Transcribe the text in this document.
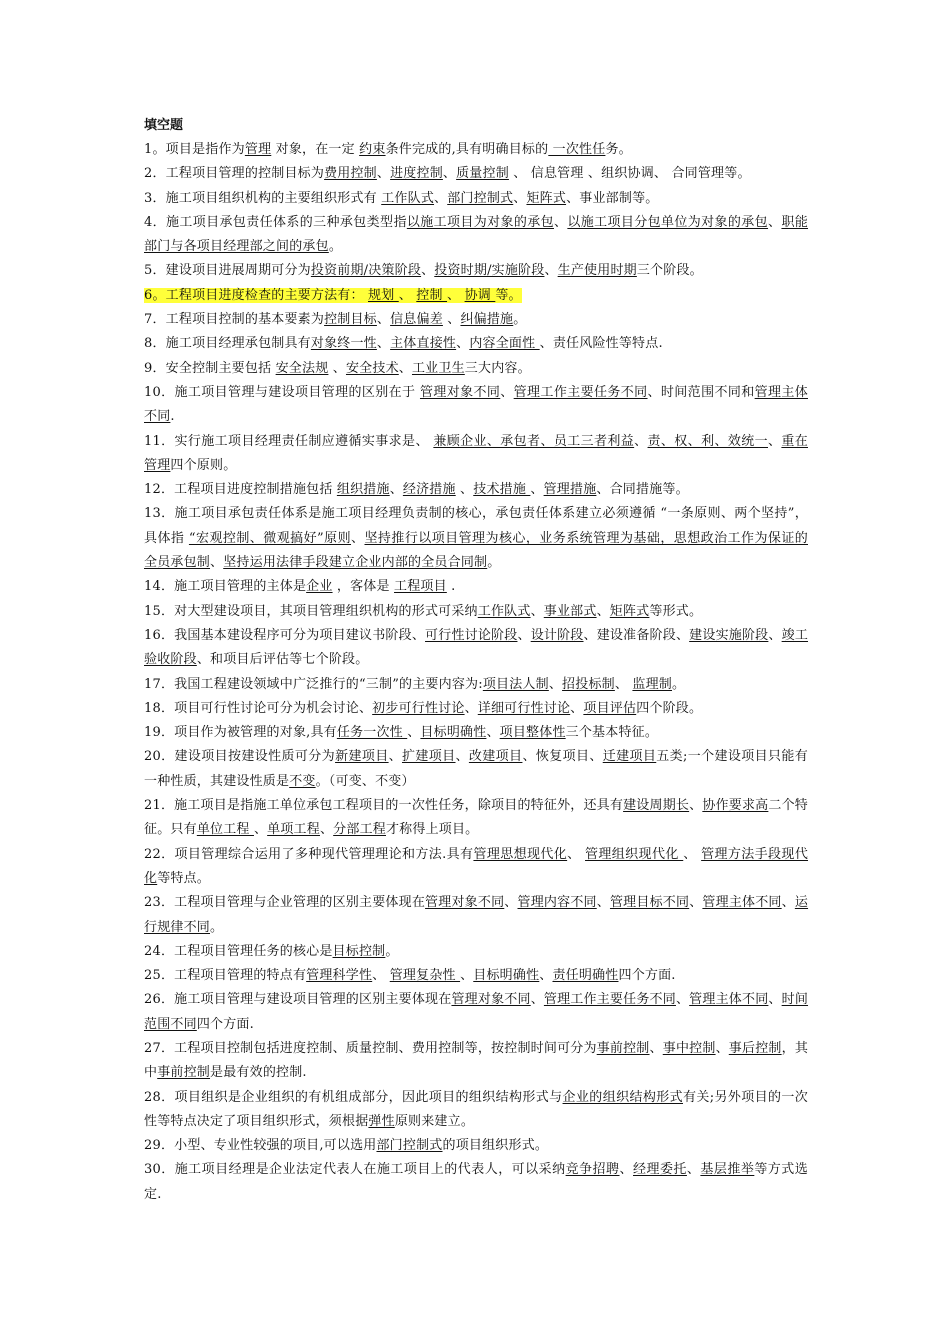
填空题

1。项目是指作为管理 对象，在一定 约束条件完成的,具有明确目标的 一次性任务。

2．工程项目管理的控制目标为费用控制、进度控制、质量控制 、 信息管理 、组织协调、 合同管理等。

3．施工项目组织机构的主要组织形式有 工作队式、部门控制式、矩阵式、事业部制等。

4．施工项目承包责任体系的三种承包类型指以施工项目为对象的承包、以施工项目分包单位为对象的承包、职能部门与各项目经理部之间的承包。

5．建设项目进展周期可分为投资前期/决策阶段、投资时期/实施阶段、生产使用时期三个阶段。

6。工程项目进度检查的主要方法有： 规划 、 控制 、 协调 等。

7．工程项目控制的基本要素为控制目标、信息偏差 、纠偏措施。

8．施工项目经理承包制具有对象终一性、主体直接性、内容全面性 、责任风险性等特点.

9．安全控制主要包括 安全法规 、安全技术、工业卫生三大内容。

10．施工项目管理与建设项目管理的区别在于 管理对象不同、管理工作主要任务不同、时间范围不同和管理主体不同.

11．实行施工项目经理责任制应遵循实事求是、 兼顾企业、承包者、员工三者利益、责、权、利、效统一、重在管理四个原则。

12．工程项目进度控制措施包括 组织措施、经济措施 、技术措施 、管理措施、合同措施等。

13．施工项目承包责任体系是施工项目经理负责制的核心，承包责任体系建立必须遵循 “一条原则、两个坚持”，具体指 “宏观控制、微观搞好”原则、坚持推行以项目管理为核心，业务系统管理为基础，思想政治工作为保证的全员承包制、坚持运用法律手段建立企业内部的全员合同制。

14．施工项目管理的主体是企业 ，客体是 工程项目 .

15．对大型建设项目，其项目管理组织机构的形式可采纳工作队式、事业部式、矩阵式等形式。

16．我国基本建设程序可分为项目建议书阶段、可行性讨论阶段、设计阶段、建设准备阶段、建设实施阶段、竣工验收阶段、和项目后评估等七个阶段。

17．我国工程建设领域中广泛推行的“三制”的主要内容为:项目法人制、招投标制、 监理制。

18．项目可行性讨论可分为机会讨论、初步可行性讨论、详细可行性讨论、项目评估四个阶段。

19．项目作为被管理的对象,具有任务一次性 、目标明确性、项目整体性三个基本特征。

20．建设项目按建设性质可分为新建项目、扩建项目、改建项目、恢复项目、迁建项目五类;一个建设项目只能有一种性质，其建设性质是不变。（可变、不变）

21．施工项目是指施工单位承包工程项目的一次性任务，除项目的特征外，还具有建设周期长、协作要求高二个特征。只有单位工程 、单项工程、分部工程才称得上项目。

22．项目管理综合运用了多种现代管理理论和方法.具有管理思想现代化、 管理组织现代化 、 管理方法手段现代化等特点。

23．工程项目管理与企业管理的区别主要体现在管理对象不同、管理内容不同、管理目标不同、管理主体不同、运行规律不同。

24．工程项目管理任务的核心是目标控制。

25．工程项目管理的特点有管理科学性、 管理复杂性 、目标明确性、责任明确性四个方面.

26．施工项目管理与建设项目管理的区别主要体现在管理对象不同、管理工作主要任务不同、管理主体不同、时间范围不同四个方面.

27．工程项目控制包括进度控制、质量控制、费用控制等，按控制时间可分为事前控制、事中控制、事后控制，其中事前控制是最有效的控制.

28．项目组织是企业组织的有机组成部分，因此项目的组织结构形式与企业的组织结构形式有关;另外项目的一次性等特点决定了项目组织形式，须根据弹性原则来建立。

29．小型、专业性较强的项目,可以选用部门控制式的项目组织形式。

30．施工项目经理是企业法定代表人在施工项目上的代表人，可以采纳竞争招聘、经理委托、基层推举等方式选定.
